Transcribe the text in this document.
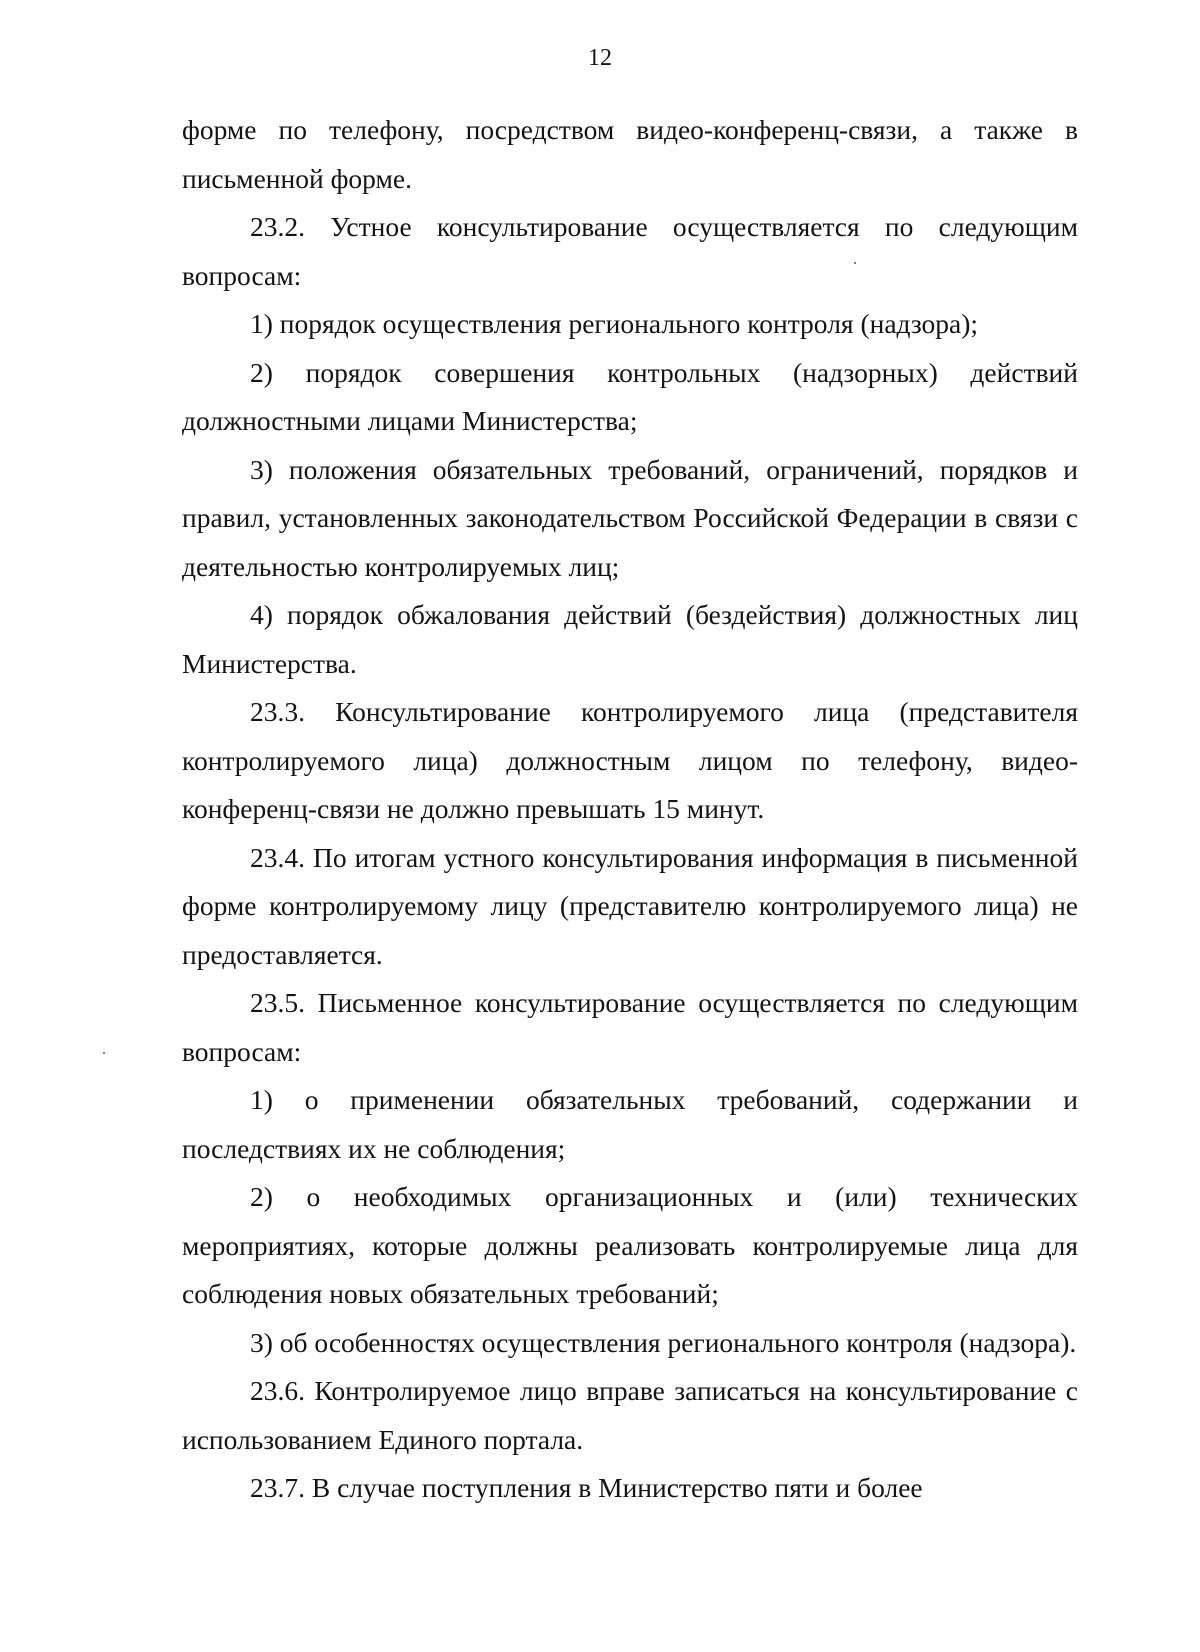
12

форме по телефону, посредством видео-конференц-связи, а также в письменной форме.

23.2. Устное консультирование осуществляется по следующим вопросам:

1) порядок осуществления регионального контроля (надзора);

2) порядок совершения контрольных (надзорных) действий должностными лицами Министерства;

3) положения обязательных требований, ограничений, порядков и правил, установленных законодательством Российской Федерации в связи с деятельностью контролируемых лиц;

4) порядок обжалования действий (бездействия) должностных лиц Министерства.

23.3. Консультирование контролируемого лица (представителя контролируемого лица) должностным лицом по телефону, видео-конференц-связи не должно превышать 15 минут.

23.4. По итогам устного консультирования информация в письменной форме контролируемому лицу (представителю контролируемого лица) не предоставляется.

23.5. Письменное консультирование осуществляется по следующим вопросам:

1) о применении обязательных требований, содержании и последствиях их не соблюдения;

2) о необходимых организационных и (или) технических мероприятиях, которые должны реализовать контролируемые лица для соблюдения новых обязательных требований;

3) об особенностях осуществления регионального контроля (надзора).

23.6. Контролируемое лицо вправе записаться на консультирование с использованием Единого портала.

23.7. В случае поступления в Министерство пяти и более
